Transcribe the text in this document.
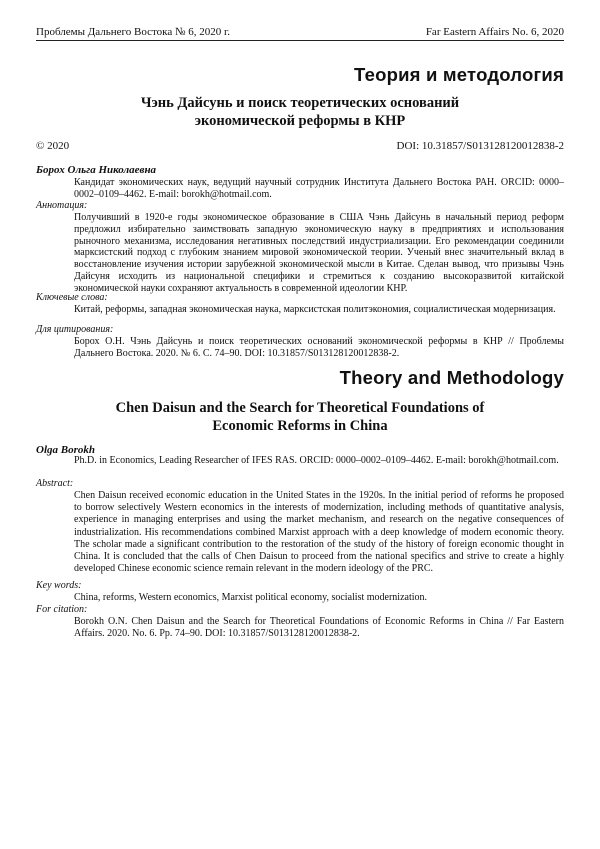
Проблемы Дальнего Востока № 6, 2020 г.	Far Eastern Affairs No. 6, 2020
Теория и методология
Чэнь Дайсунь и поиск теоретических оснований
экономической реформы в КНР
© 2020	DOI: 10.31857/S013128120012838-2
Борох Ольга Николаевна
Кандидат экономических наук, ведущий научный сотрудник Института Дальнего Востока РАН. ORCID: 0000–0002–0109–4462. E-mail: borokh@hotmail.com.
Аннотация:
Получивший в 1920-е годы экономическое образование в США Чэнь Дайсунь в начальный период реформ предложил избирательно заимствовать западную экономическую науку в предприятиях и использования рыночного механизма, исследования негативных последствий индустриализации. Его рекомендации соединили марксистский подход с глубоким знанием мировой экономической теории. Ученый внес значительный вклад в восстановление изучения истории зарубежной экономической мысли в Китае. Сделан вывод, что призывы Чэнь Дайсуня исходить из национальной специфики и стремиться к созданию высокоразвитой китайской экономической науки сохраняют актуальность в современной идеологии КНР.
Ключевые слова:
Китай, реформы, западная экономическая наука, марксистская политэкономия, социалистическая модернизация.
Для цитирования:
Борох О.Н. Чэнь Дайсунь и поиск теоретических оснований экономической реформы в КНР // Проблемы Дальнего Востока. 2020. № 6. С. 74–90. DOI: 10.31857/S013128120012838-2.
Theory and Methodology
Chen Daisun and the Search for Theoretical Foundations of
Economic Reforms in China
Olga Borokh
Ph.D. in Economics, Leading Researcher of IFES RAS. ORCID: 0000–0002–0109–4462. E-mail: borokh@hotmail.com.
Abstract:
Chen Daisun received economic education in the United States in the 1920s. In the initial period of reforms he proposed to borrow selectively Western economics in the interests of modernization, including methods of quantitative analysis, experience in managing enterprises and using the market mechanism, and research on the negative consequences of industrialization. His recommendations combined Marxist approach with a deep knowledge of modern economic theory. The scholar made a significant contribution to the restoration of the study of the history of foreign economic thought in China. It is concluded that the calls of Chen Daisun to proceed from the national specifics and strive to create a highly developed Chinese economic science remain relevant in the modern ideology of the PRC.
Key words:
China, reforms, Western economics, Marxist political economy, socialist modernization.
For citation:
Borokh O.N. Chen Daisun and the Search for Theoretical Foundations of Economic Reforms in China // Far Eastern Affairs. 2020. No. 6. Pp. 74–90. DOI: 10.31857/S013128120012838-2.
